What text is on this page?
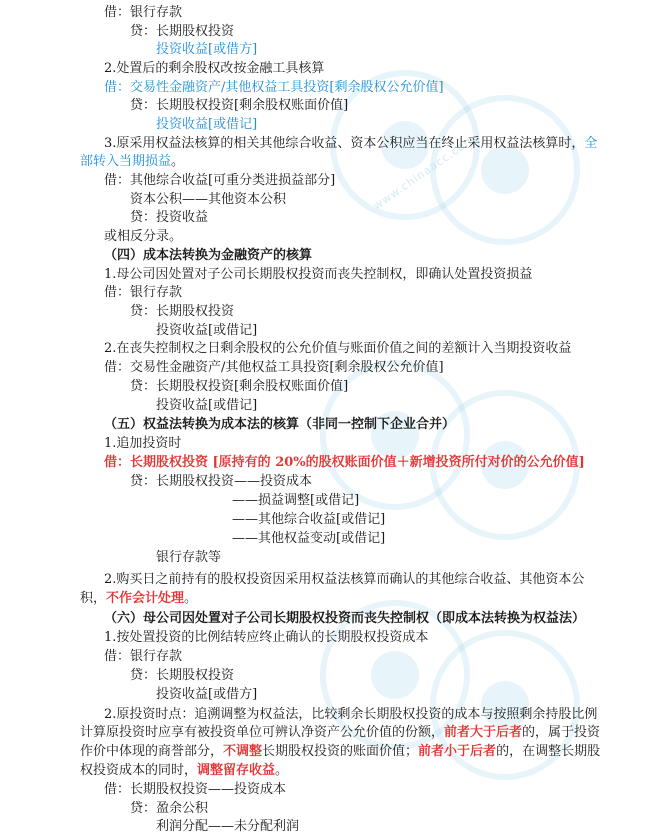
www.chinaacc.com
借：银行存款
贷：长期股权投资
投资收益[或借方]
2.处置后的剩余股权改按金融工具核算
借：交易性金融资产/其他权益工具投资[剩余股权公允价值]
贷：长期股权投资[剩余股权账面价值]
投资收益[或借记]
3.原采用权益法核算的相关其他综合收益、资本公积应当在终止采用权益法核算时，全
部转入当期损益。
借：其他综合收益[可重分类进损益部分]
资本公积——其他资本公积
贷：投资收益
或相反分录。
（四）成本法转换为金融资产的核算
1.母公司因处置对子公司长期股权投资而丧失控制权，即确认处置投资损益
借：银行存款
贷：长期股权投资
投资收益[或借记]
2.在丧失控制权之日剩余股权的公允价值与账面价值之间的差额计入当期投资收益
借：交易性金融资产/其他权益工具投资[剩余股权公允价值]
贷：长期股权投资[剩余股权账面价值]
投资收益[或借记]
（五）权益法转换为成本法的核算（非同一控制下企业合并）
1.追加投资时
借：长期股权投资 [原持有的 20%的股权账面价值＋新增投资所付对价的公允价值]
贷：长期股权投资——投资成本
——损益调整[或借记]
——其他综合收益[或借记]
——其他权益变动[或借记]
银行存款等
2.购买日之前持有的股权投资因采用权益法核算而确认的其他综合收益、其他资本公
积，不作会计处理。
（六）母公司因处置对子公司长期股权投资而丧失控制权（即成本法转换为权益法）
1.按处置投资的比例结转应终止确认的长期股权投资成本
借：银行存款
贷：长期股权投资
投资收益[或借方]
2.原投资时点：追溯调整为权益法，比较剩余长期股权投资的成本与按照剩余持股比例
计算原投资时应享有被投资单位可辨认净资产公允价值的份额，前者大于后者的，属于投资
作价中体现的商誉部分，不调整长期股权投资的账面价值；前者小于后者的，在调整长期股
权投资成本的同时，调整留存收益。
借：长期股权投资——投资成本
贷：盈余公积
利润分配——未分配利润
